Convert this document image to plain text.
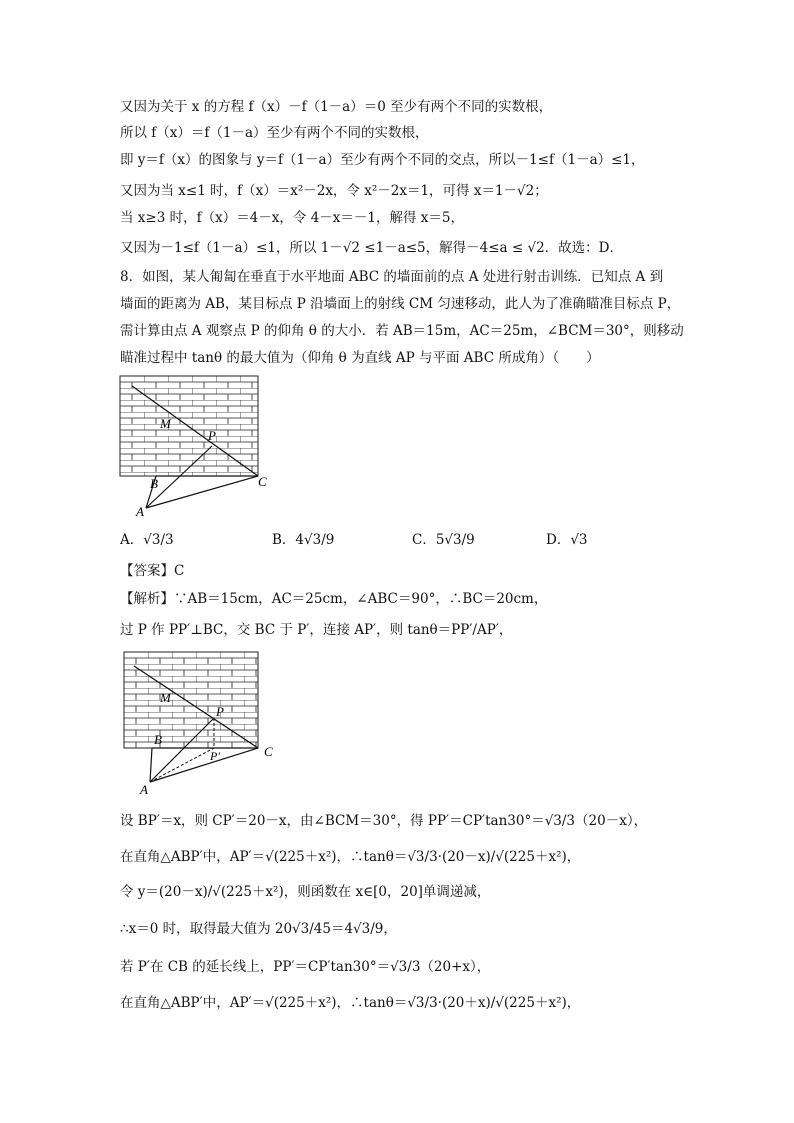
又因为关于 x 的方程 f（x）－f（1－a）＝0 至少有两个不同的实数根，
所以 f（x）＝f（1－a）至少有两个不同的实数根，
即 y＝f（x）的图象与 y＝f（1－a）至少有两个不同的交点，所以－1≤f（1－a）≤1，
又因为当 x≤1 时，f（x）＝x²－2x，令 x²－2x＝1，可得 x＝1－√2；
当 x≥3 时，f（x）＝4－x，令 4－x＝－1，解得 x＝5，
又因为－1≤f（1－a）≤1，所以 1－√2 ≤1－a≤5，解得－4≤a ≤ √2．故选：D．
8．如图，某人匍匐在垂直于水平地面 ABC 的墙面前的点 A 处进行射击训练．已知点 A 到
墙面的距离为 AB，某目标点 P 沿墙面上的射线 CM 匀速移动，此人为了准确瞄准目标点 P，
需计算由点 A 观察点 P 的仰角 θ 的大小．若 AB＝15m，AC＝25m，∠BCM＝30°，则移动
瞄准过程中 tanθ 的最大值为（仰角 θ 为直线 AP 与平面 ABC 所成角）（　　）
M
P
B	C
A
A．√3/3	B．4√3/9	C．5√3/9	D．√3
【答案】C
【解析】∵AB＝15cm，AC＝25cm，∠ABC＝90°，∴BC＝20cm，
过 P 作 PP′⊥BC，交 BC 于 P′，连接 AP′，则 tanθ＝PP′/AP′，
M
P
P′
B
C
A
设 BP′＝x，则 CP′＝20－x，由∠BCM＝30°，得 PP′＝CP′tan30°＝√3/3（20－x），
在直角△ABP′中，AP′＝√(225＋x²)，∴tanθ＝√3/3·(20－x)/√(225＋x²)，
令 y＝(20－x)/√(225＋x²)，则函数在 x∈[0，20]单调递减，
∴x＝0 时，取得最大值为 20√3/45＝4√3/9，
若 P′在 CB 的延长线上，PP′＝CP′tan30°＝√3/3（20+x），
在直角△ABP′中，AP′＝√(225＋x²)，∴tanθ＝√3/3·(20＋x)/√(225＋x²)，
